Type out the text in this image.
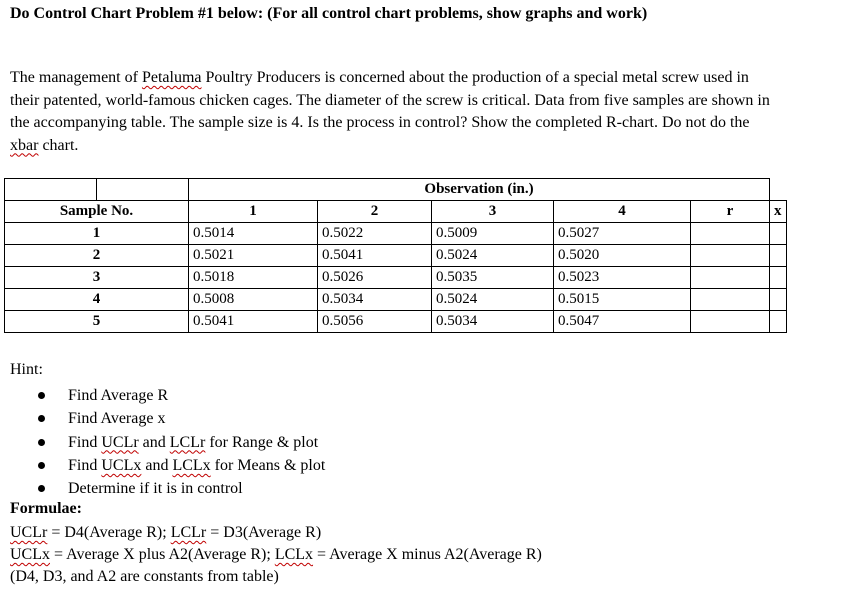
Do Control Chart Problem #1 below: (For all control chart problems, show graphs and work)
The management of Petaluma Poultry Producers is concerned about the production of a special metal screw used in their patented, world-famous chicken cages. The diameter of the screw is critical. Data from five samples are shown in the accompanying table. The sample size is 4. Is the process in control? Show the completed R-chart. Do not do the xbar chart.
		Observation (in.)					
Sample No.		1	2	3	4	r	x
1		0.5014	0.5022	0.5009	0.5027		
2		0.5021	0.5041	0.5024	0.5020		
3		0.5018	0.5026	0.5035	0.5023		
4		0.5008	0.5034	0.5024	0.5015		
5		0.5041	0.5056	0.5034	0.5047		
Hint:
Find Average R
Find Average x
Find UCLr and LCLr for Range & plot
Find UCLx and LCLx for Means & plot
Determine if it is in control
Formulae:
UCLr = D4(Average R); LCLr = D3(Average R)
UCLx = Average X plus A2(Average R); LCLx = Average X minus A2(Average R)
(D4, D3, and A2 are constants from table)
